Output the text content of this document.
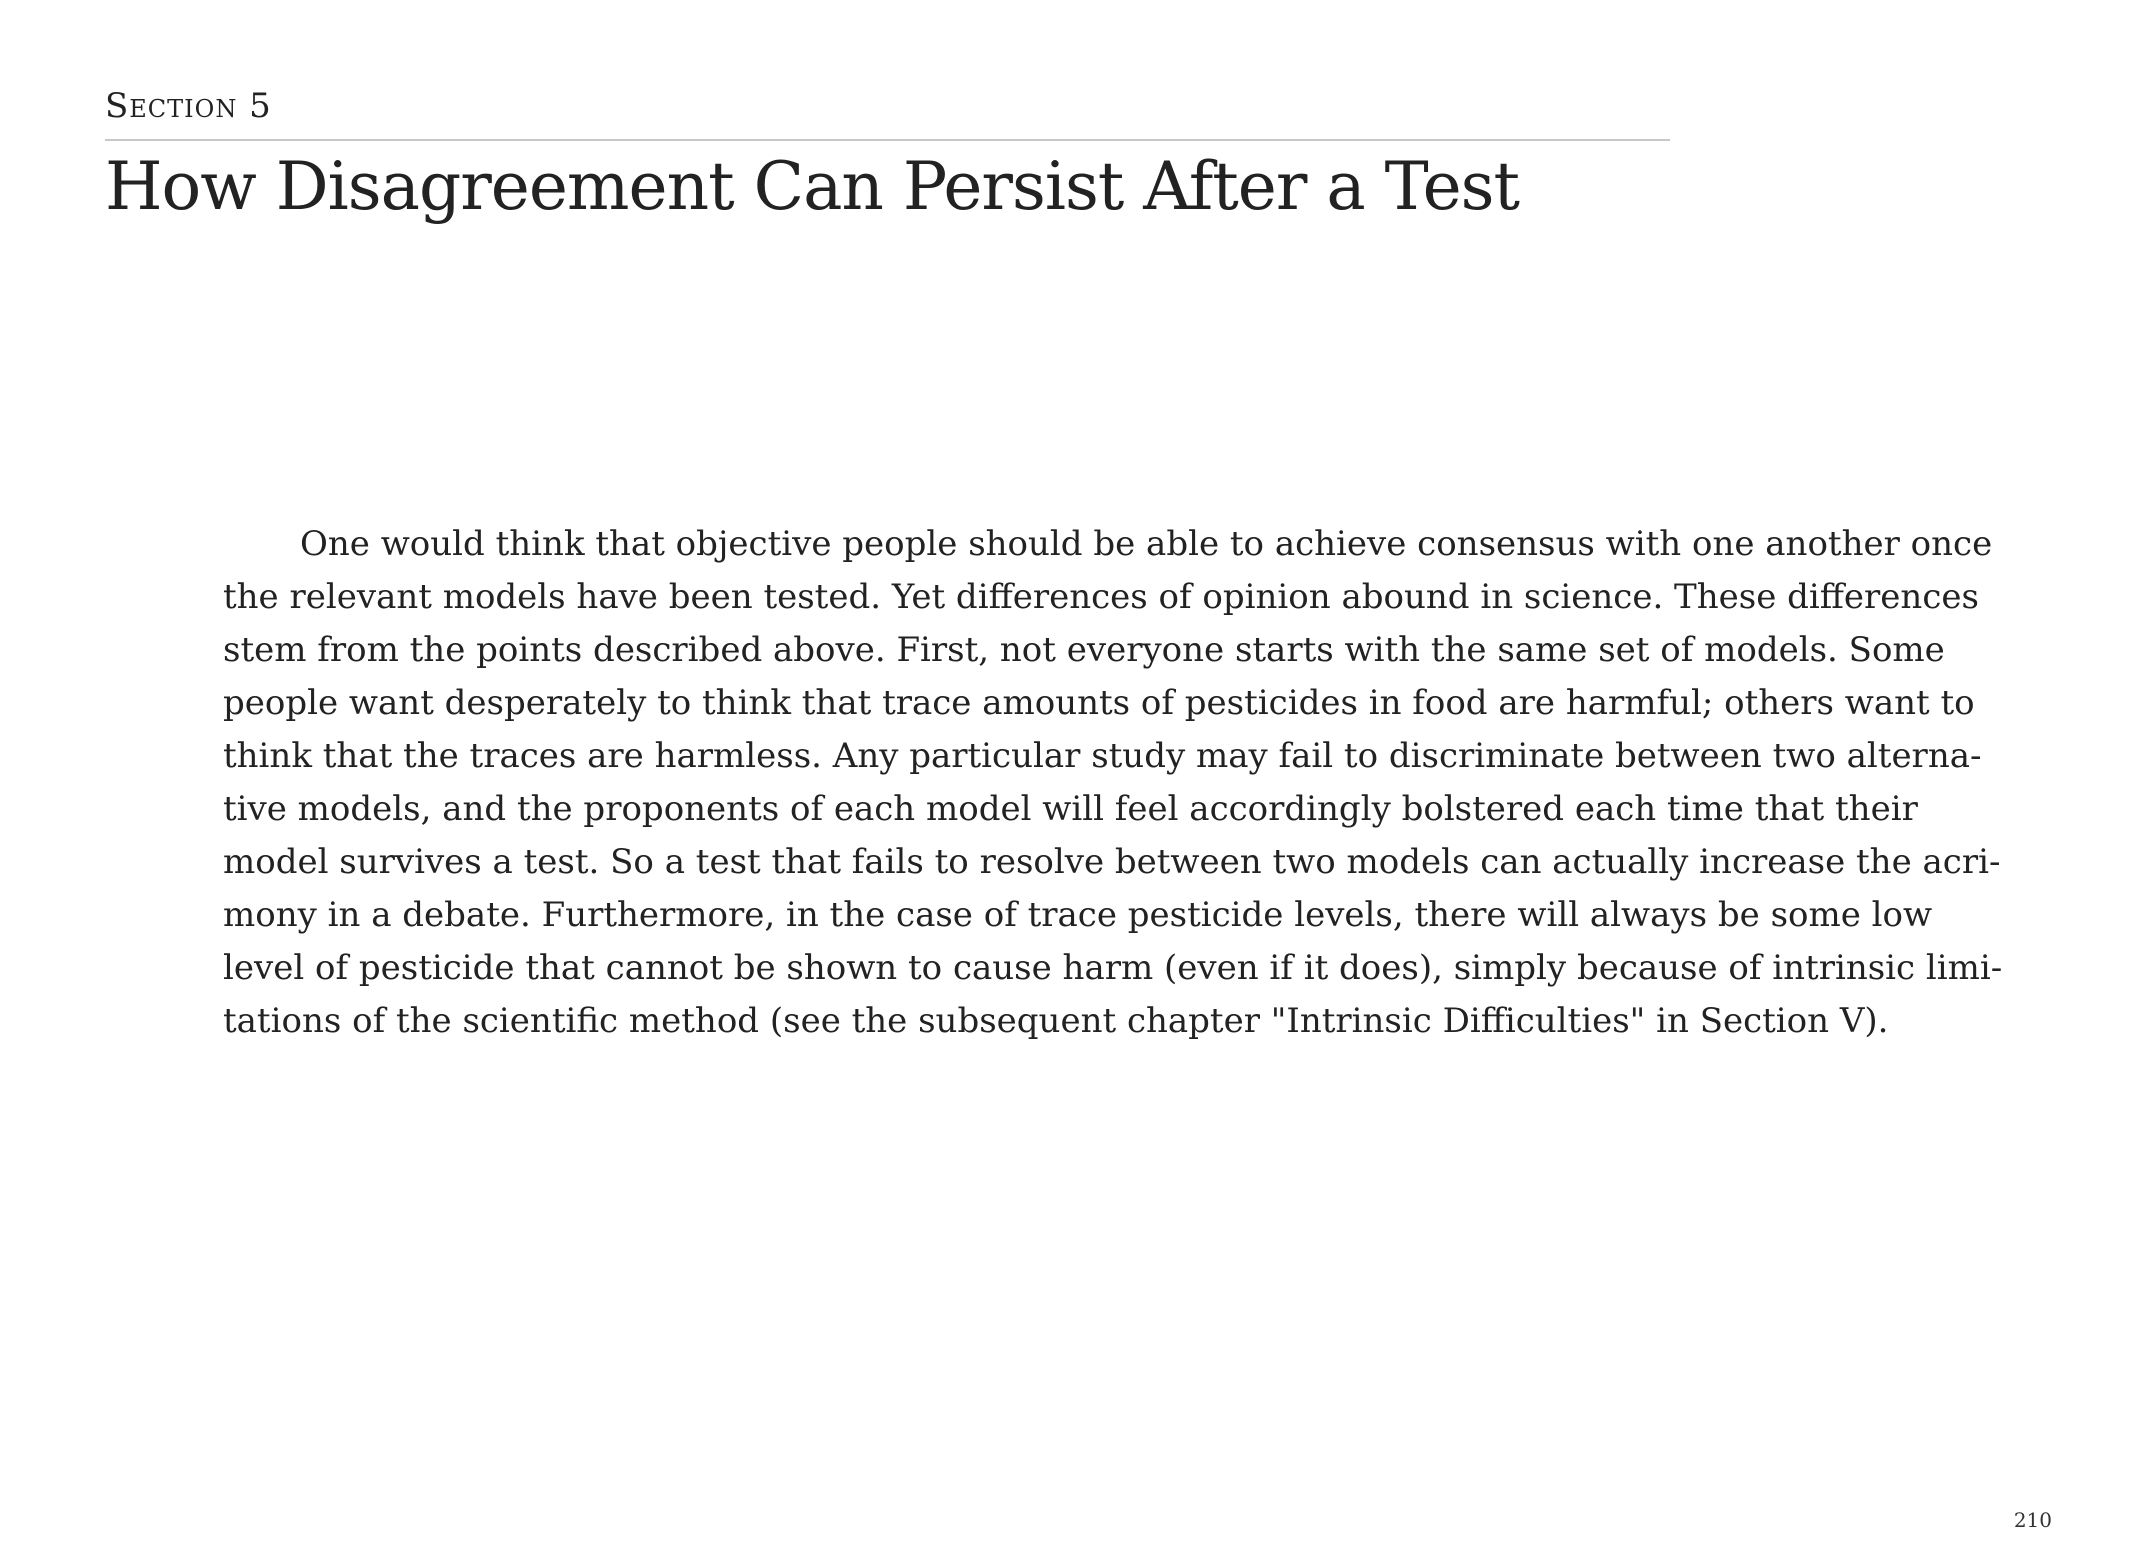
Section 5
How Disagreement Can Persist After a Test
One would think that objective people should be able to achieve consensus with one another once
the relevant models have been tested. Yet differences of opinion abound in science. These differences
stem from the points described above. First, not everyone starts with the same set of models. Some
people want desperately to think that trace amounts of pesticides in food are harmful; others want to
think that the traces are harmless. Any particular study may fail to discriminate between two alterna-
tive models, and the proponents of each model will feel accordingly bolstered each time that their
model survives a test. So a test that fails to resolve between two models can actually increase the acri-
mony in a debate. Furthermore, in the case of trace pesticide levels, there will always be some low
level of pesticide that cannot be shown to cause harm (even if it does), simply because of intrinsic limi-
tations of the scientific method (see the subsequent chapter "Intrinsic Difficulties" in Section V).
210
